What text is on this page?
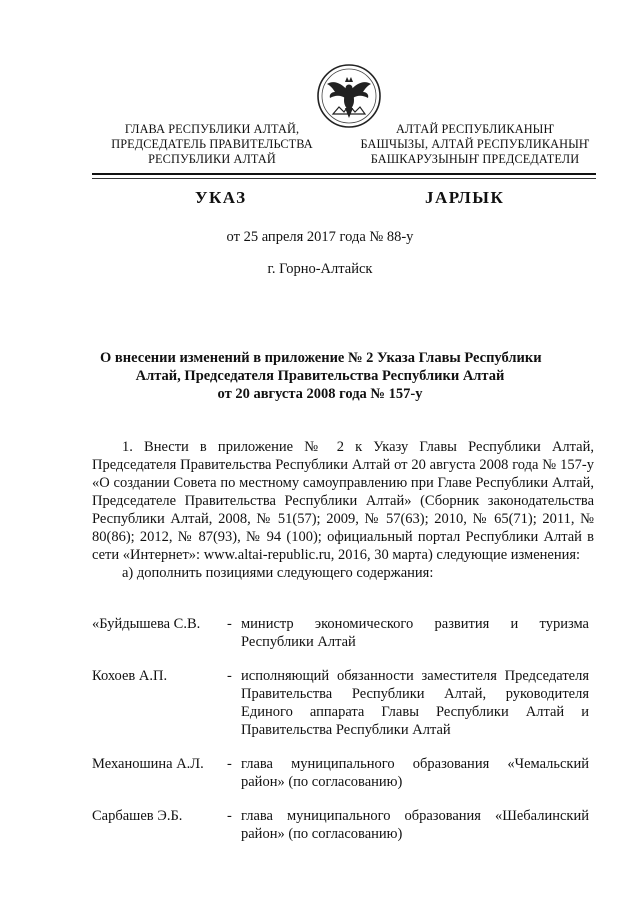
ГЛАВА РЕСПУБЛИКИ АЛТАЙ,
ПРЕДСЕДАТЕЛЬ ПРАВИТЕЛЬСТВА
РЕСПУБЛИКИ АЛТАЙ
АЛТАЙ РЕСПУБЛИКАНЫҤ
БАШЧЫЗЫ, АЛТАЙ РЕСПУБЛИКАНЫҤ
БАШКАРУЗЫНЫҤ ПРЕДСЕДАТЕЛИ
УКАЗ	JАРЛЫК
от 25 апреля 2017 года № 88-у
г. Горно-Алтайск
О внесении изменений в приложение № 2 Указа Главы Республики
Алтай, Председателя Правительства Республики Алтай
от 20 августа 2008 года № 157-у
1. Внести в приложение № 2 к Указу Главы Республики Алтай, Председателя Правительства Республики Алтай от 20 августа 2008 года № 157-у «О создании Совета по местному самоуправлению при Главе Республики Алтай, Председателе Правительства Республики Алтай» (Сборник законодательства Республики Алтай, 2008, № 51(57); 2009, № 57(63); 2010, № 65(71); 2011, № 80(86); 2012, № 87(93), № 94 (100); официальный портал Республики Алтай в сети «Интернет»: www.altai-republic.ru, 2016, 30 марта) следующие изменения:
а) дополнить позициями следующего содержания:
«Буйдышева С.В. - министр экономического развития и туризма Республики Алтай
Кохоев А.П.	- исполняющий обязанности заместителя Председателя Правительства Республики Алтай, руководителя Единого аппарата Главы Республики Алтай и Правительства Республики Алтай
Механошина А.Л. - глава муниципального образования «Чемальский район» (по согласованию)
Сарбашев Э.Б.	- глава муниципального образования «Шебалинский район» (по согласованию)
